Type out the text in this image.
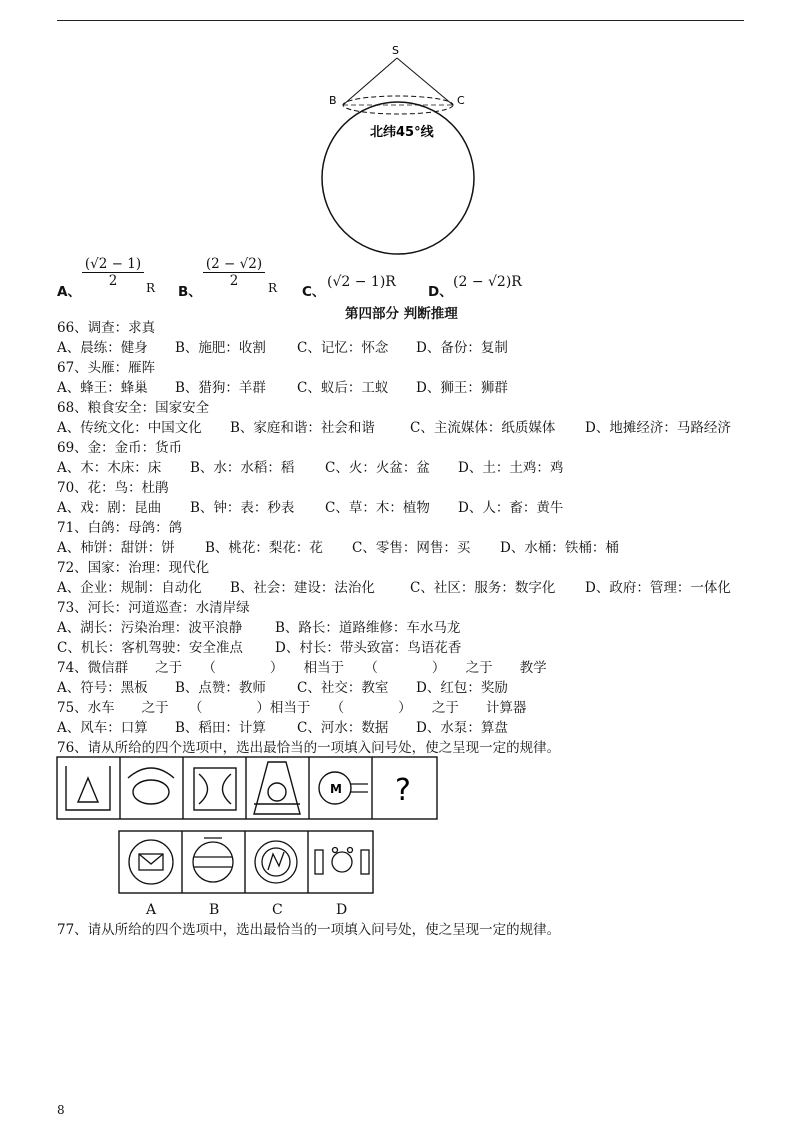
S
B	C
北纬45°线
A、
$\frac{(√2 - 1)}{2}$ R B、
$\frac{(2 - √2)}{2}$ R C、
(√2 − 1)R
D、
(2 − √2)R
第四部分 判断推理
66、调查：求真
A、晨练：健身 B、施肥：收割 C、记忆：怀念 D、备份：复制
67、头雁：雁阵
A、蜂王：蜂巢 B、猎狗：羊群 C、蚁后：工蚁 D、狮王：狮群
68、粮食安全：国家安全
A、传统文化：中国文化 B、家庭和谐：社会和谐	C、主流媒体：纸质媒体 D、地摊经济：马路经济
69、金：金币：货币
A、木：木床：床 B、水：水稻：稻 C、火：火盆：盆 D、土：土鸡：鸡
70、花：鸟：杜鹃
A、戏：剧：昆曲 B、钟：表：秒表 C、草：木：植物 D、人：畜：黄牛
71、白鸽：母鸽：鸽
A、柿饼：甜饼：饼 B、桃花：梨花：花 C、零售：网售：买 D、水桶：铁桶：桶
72、国家：治理：现代化
A、企业：规制：自动化 B、社会：建设：法治化	C、社区：服务：数字化 D、政府：管理：一体化
73、河长：河道巡查：水清岸绿
A、湖长：污染治理：波平浪静 B、路长：道路维修：车水马龙
C、机长：客机驾驶：安全准点 D、村长：带头致富：鸟语花香
74、微信群　　之于　　（　　　　）　　相当于　　（　　　　）　　之于　　教学
A、符号：黑板 B、点赞：教师 C、社交：教室 D、红包：奖励
75、水车　　之于　　（　　　　）相当于　　（　　　　）　　之于　　计算器
A、风车：口算 B、稻田：计算 C、河水：数据 D、水泵：算盘
76、请从所给的四个选项中，选出最恰当的一项填入问号处，使之呈现一定的规律。
M ?
A	B	C	D
77、请从所给的四个选项中，选出最恰当的一项填入问号处，使之呈现一定的规律。
8
